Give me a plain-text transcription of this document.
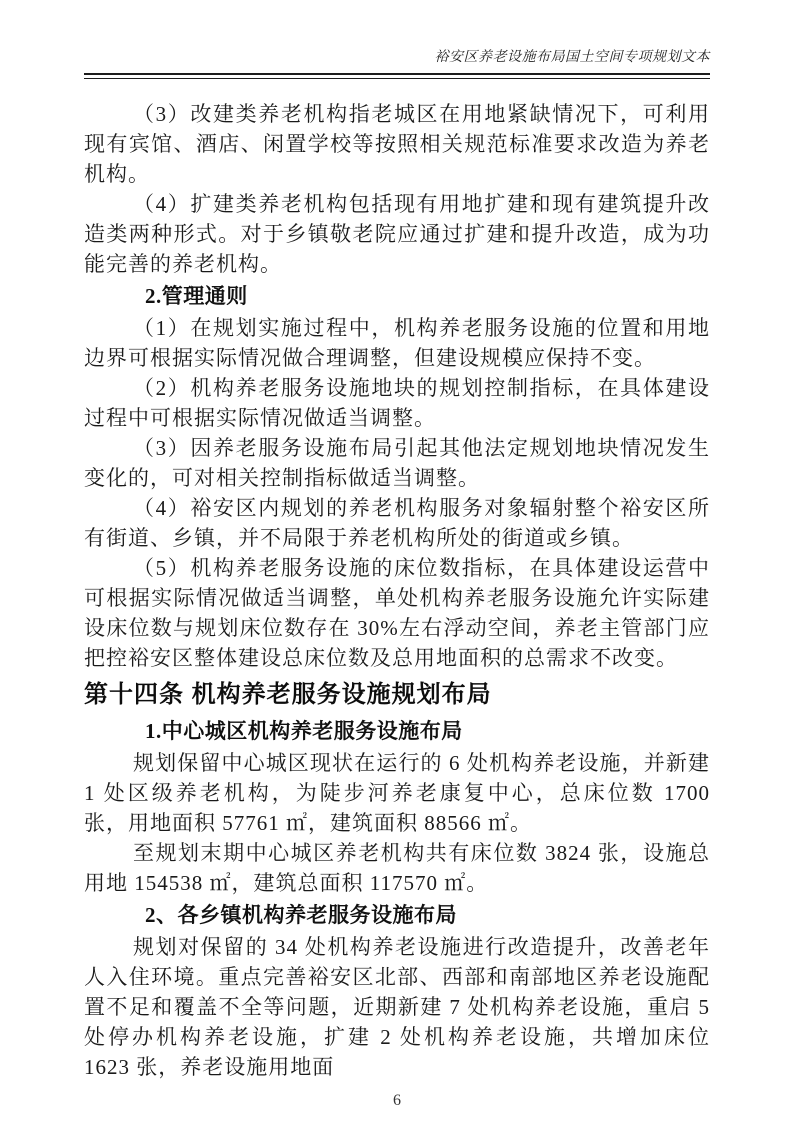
裕安区养老设施布局国土空间专项规划文本

（3）改建类养老机构指老城区在用地紧缺情况下，可利用现有宾馆、酒店、闲置学校等按照相关规范标准要求改造为养老机构。

（4）扩建类养老机构包括现有用地扩建和现有建筑提升改造类两种形式。对于乡镇敬老院应通过扩建和提升改造，成为功能完善的养老机构。

2.管理通则

（1）在规划实施过程中，机构养老服务设施的位置和用地边界可根据实际情况做合理调整，但建设规模应保持不变。

（2）机构养老服务设施地块的规划控制指标，在具体建设过程中可根据实际情况做适当调整。

（3）因养老服务设施布局引起其他法定规划地块情况发生变化的，可对相关控制指标做适当调整。

（4）裕安区内规划的养老机构服务对象辐射整个裕安区所有街道、乡镇，并不局限于养老机构所处的街道或乡镇。

（5）机构养老服务设施的床位数指标，在具体建设运营中可根据实际情况做适当调整，单处机构养老服务设施允许实际建设床位数与规划床位数存在 30%左右浮动空间，养老主管部门应把控裕安区整体建设总床位数及总用地面积的总需求不改变。

第十四条 机构养老服务设施规划布局

1.中心城区机构养老服务设施布局

规划保留中心城区现状在运行的 6 处机构养老设施，并新建 1 处区级养老机构，为陡步河养老康复中心，总床位数 1700 张，用地面积 57761 ㎡，建筑面积 88566 ㎡。

至规划末期中心城区养老机构共有床位数 3824 张，设施总用地 154538 ㎡，建筑总面积 117570 ㎡。

2、各乡镇机构养老服务设施布局

规划对保留的 34 处机构养老设施进行改造提升，改善老年人入住环境。重点完善裕安区北部、西部和南部地区养老设施配置不足和覆盖不全等问题，近期新建 7 处机构养老设施，重启 5 处停办机构养老设施，扩建 2 处机构养老设施，共增加床位 1623 张，养老设施用地面

6
